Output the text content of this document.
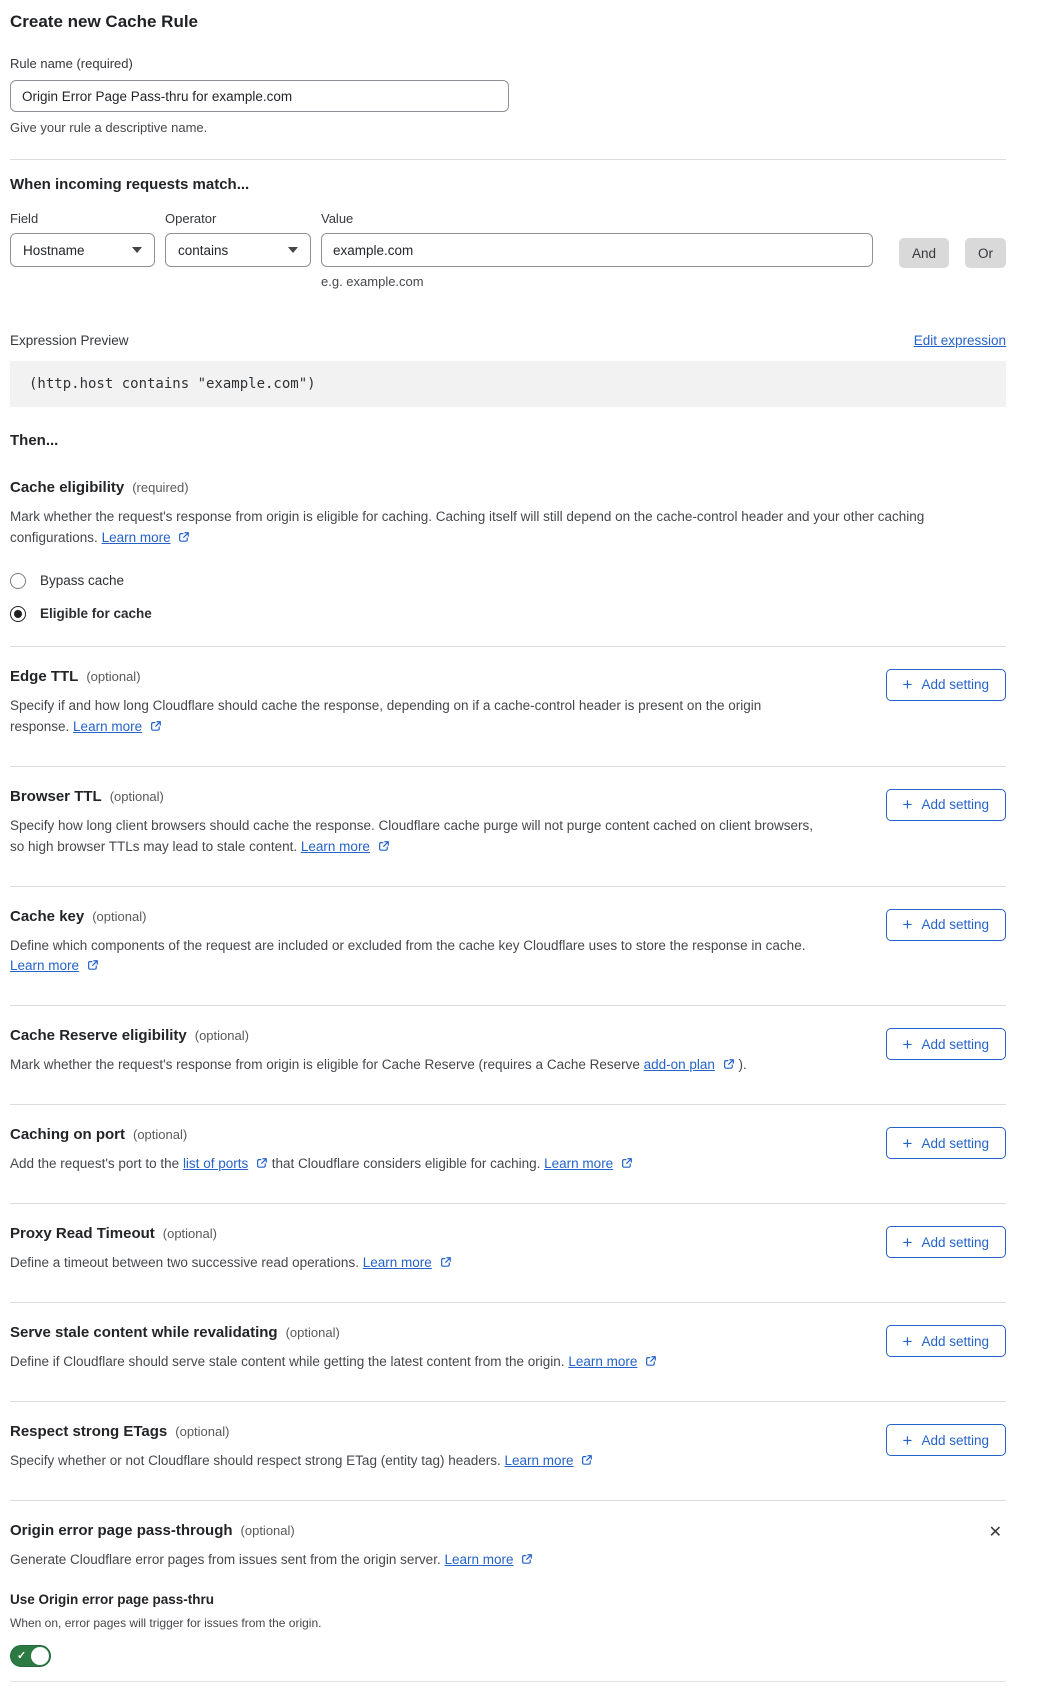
Create new Cache Rule
Rule name (required)
Origin Error Page Pass-thru for example.com
Give your rule a descriptive name.
When incoming requests match...
Field
Hostname
Operator
contains
Value
example.com
e.g. example.com
And	Or
Expression Preview	Edit expression
(http.host contains "example.com")
Then...
Cache eligibility (required)

Mark whether the request's response from origin is eligible for caching. Caching itself will still depend on the cache-control header and your other caching configurations. Learn more

Bypass cache
Eligible for cache
Edge TTL (optional)

Specify if and how long Cloudflare should cache the response, depending on if a cache-control header is present on the origin response. Learn more

+ Add setting
Browser TTL (optional)

Specify how long client browsers should cache the response. Cloudflare cache purge will not purge content cached on client browsers, so high browser TTLs may lead to stale content. Learn more

+ Add setting
Cache key (optional)

Define which components of the request are included or excluded from the cache key Cloudflare uses to store the response in cache. Learn more

+ Add setting
Cache Reserve eligibility (optional)

Mark whether the request's response from origin is eligible for Cache Reserve (requires a Cache Reserve add-on plan  ).

+ Add setting
Caching on port (optional)

Add the request's port to the list of ports  that Cloudflare considers eligible for caching. Learn more

+ Add setting
Proxy Read Timeout (optional)

Define a timeout between two successive read operations. Learn more

+ Add setting
Serve stale content while revalidating (optional)

Define if Cloudflare should serve stale content while getting the latest content from the origin. Learn more

+ Add setting
Respect strong ETags (optional)

Specify whether or not Cloudflare should respect strong ETag (entity tag) headers. Learn more

+ Add setting
Origin error page pass-through (optional)

Generate Cloudflare error pages from issues sent from the origin server. Learn more

Use Origin error page pass-thru
When on, error pages will trigger for issues from the origin.
✓
✕
